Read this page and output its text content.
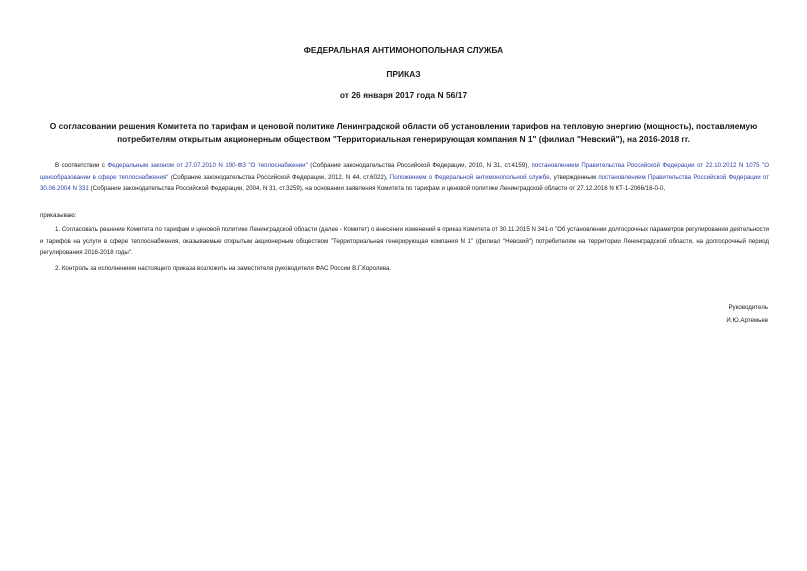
ФЕДЕРАЛЬНАЯ АНТИМОНОПОЛЬНАЯ СЛУЖБА
ПРИКАЗ
от 26 января 2017 года N 56/17
О согласовании решения Комитета по тарифам и ценовой политике Ленинградской области об установлении тарифов на тепловую энергию (мощность), поставляемую потребителям открытым акционерным обществом "Территориальная генерирующая компания N 1" (филиал "Невский"), на 2016-2018 гг.
В соответствии с Федеральным законом от 27.07.2010 N 190-ФЗ "О теплоснабжении" (Собрание законодательства Российской Федерации, 2010, N 31, ст.4159), постановлением Правительства Российской Федерации от 22.10.2012 N 1075 "О ценообразовании в сфере теплоснабжения" (Собрание законодательства Российской Федерации, 2012, N 44, ст.6022), Положением о Федеральной антимонопольной службе, утвержденным постановлением Правительства Российской Федерации от 30.06.2004 N 331 (Собрание законодательства Российской Федерации, 2004, N 31, ст.3259), на основании заявления Комитета по тарифам и ценовой политике Ленинградской области от 27.12.2016 N КТ-1-2066/16-0-0,
приказываю:
1. Согласовать решение Комитета по тарифам и ценовой политике Ленинградской области (далее - Комитет) о внесении изменений в приказ Комитета от 30.11.2015 N 341-п "Об установлении долгосрочных параметров регулирования деятельности и тарифов на услуги в сфере теплоснабжения, оказываемые открытым акционерным обществом "Территориальная генерирующая компания N 1" (филиал "Невский") потребителям на территории Ленинградской области, на долгосрочный период регулирования 2016-2018 годы".
2. Контроль за исполнением настоящего приказа возложить на заместителя руководителя ФАС России В.Г.Королева.
Руководитель
И.Ю.Артемьев
